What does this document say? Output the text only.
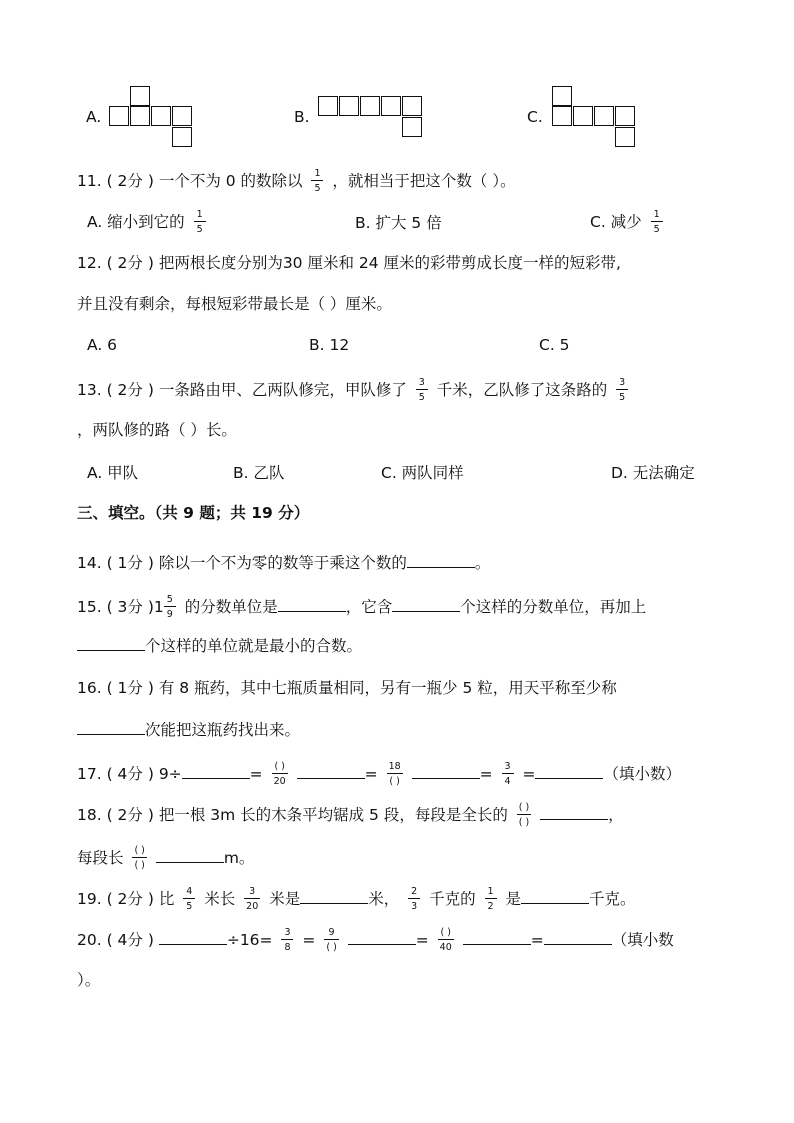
A.	B.	C.
11. ( 2分 ) 一个不为 0 的数除以 $\frac{1}{5}$ ，就相当于把这个数（ ）。
A. 缩小到它的 $\frac{1}{5}$	B. 扩大 5 倍	C. 减少 $\frac{1}{5}$
12. ( 2分 ) 把两根长度分别为30 厘米和 24 厘米的彩带剪成长度一样的短彩带,
并且没有剩余，每根短彩带最长是（ ）厘米。
A. 6	B. 12	C. 5
13. ( 2分 ) 一条路由甲、乙两队修完，甲队修了 $\frac{3}{5}$ 千米，乙队修了这条路的 $\frac{3}{5}$
，两队修的路（ ）长。
A. 甲队	B. 乙队	C. 两队同样	D. 无法确定
三、填空。（共 9 题；共 19 分）
14. ( 1分 ) 除以一个不为零的数等于乘这个数的	。
15. ( 3分 )$1 \frac{5}{9}$ 的分数单位是	，它含	个这样的分数单位，再加上
个这样的单位就是最小的合数。
16. ( 1分 ) 有 8 瓶药，其中七瓶质量相同，另有一瓶少 5 粒，用天平称至少称
次能把这瓶药找出来。
17. ( 4分 ) 9÷	= $\frac{( )}{20}$	= $\frac{18}{( )}$	= $\frac{3}{4}$ =	（填小数）
18. ( 2分 ) 把一根 3m 长的木条平均锯成 5 段，每段是全长的 $\frac{( )}{( )}$	，
每段长 $\frac{( )}{( )}$	m。
19. ( 2分 ) 比 $\frac{4}{5}$ 米长 $\frac{3}{20}$ 米是	米， $\frac{2}{3}$ 千克的 $\frac{1}{2}$ 是	千克。
20. ( 4分 )	$\div 16= \frac{3}{8} = \frac{9}{( )}$	= $\frac{( )}{40}$	=	（填小数
）。
